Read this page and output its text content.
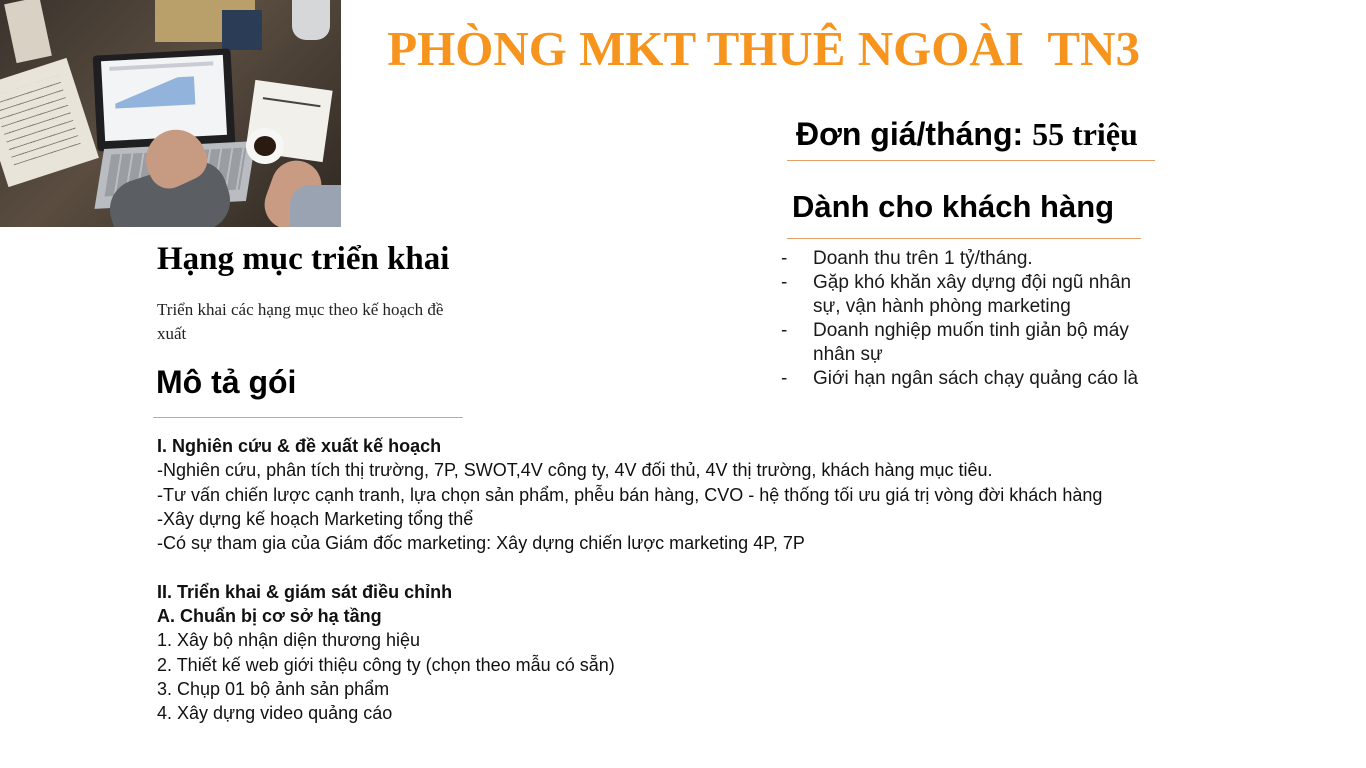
PHÒNG MKT THUÊ NGOÀI  TN3
Đơn giá/tháng: 55 triệu
Dành cho khách hàng
- Doanh thu trên 1 tỷ/tháng.
- Gặp khó khăn xây dựng đội ngũ nhân sự, vận hành phòng marketing
- Doanh nghiệp muốn tinh giản bộ máy nhân sự
- Giới hạn ngân sách chạy quảng cáo là
Hạng mục triển khai
Triển khai các hạng mục theo kế hoạch đề xuất
Mô tả gói
I. Nghiên cứu & đề xuất kế hoạch
-Nghiên cứu, phân tích thị trường, 7P, SWOT,4V công ty, 4V đối thủ, 4V thị trường, khách hàng mục tiêu.
-Tư vấn chiến lược cạnh tranh, lựa chọn sản phẩm, phễu bán hàng, CVO - hệ thống tối ưu giá trị vòng đời khách hàng
-Xây dựng kế hoạch Marketing tổng thể
-Có sự tham gia của Giám đốc marketing: Xây dựng chiến lược marketing 4P, 7P
II. Triển khai & giám sát điều chỉnh
A. Chuẩn bị cơ sở hạ tầng
1. Xây bộ nhận diện thương hiệu
2. Thiết kế web giới thiệu công ty (chọn theo mẫu có sẵn)
3. Chụp 01 bộ ảnh sản phẩm
4. Xây dựng video quảng cáo
